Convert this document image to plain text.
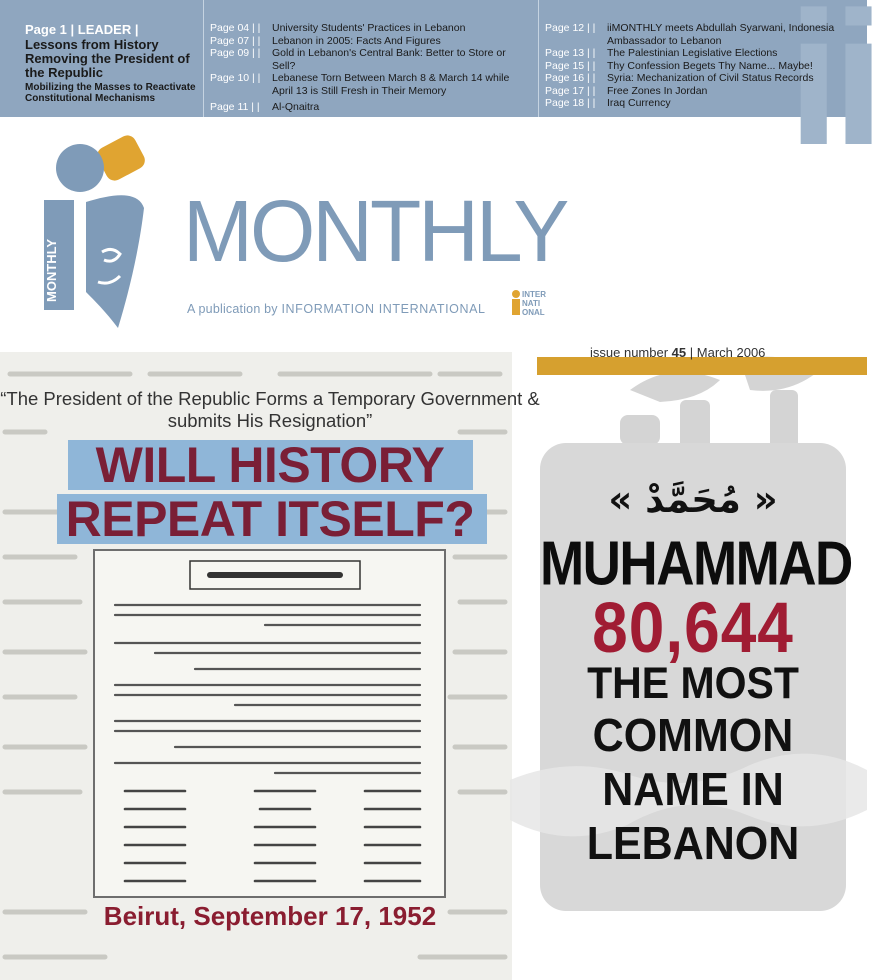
ii
Page 1 | LEADER |
Lessons from History Removing the President of the Republic
Mobilizing the Masses to Reactivate Constitutional Mechanisms
Page 04 | |	University Students' Practices in Lebanon
Page 07 | |	Lebanon in 2005: Facts And Figures
Page 09 | |	Gold in Lebanon's Central Bank: Better to Store or Sell?
Page 10 | |	Lebanese Torn Between March 8 & March 14 while April 13 is Still Fresh in Their Memory
Page 11 | |	Al-Qnaitra
Page 12 | |	iiMONTHLY meets Abdullah Syarwani, Indonesia Ambassador to Lebanon
Page 13 | |	The Palestinian Legislative Elections
Page 15 | |	Thy Confession Begets Thy Name... Maybe!
Page 16 | |	Syria: Mechanization of Civil Status Records
Page 17 | |	Free Zones In Jordan
Page 18 | |	Iraq Currency
MONTHLY MONTHLY
A publication by INFORMATION INTERNATIONAL
INTER
NATI
ONAL
“The President of the Republic Forms a Temporary Government & submits His Resignation”
WILL HISTORY
REPEAT ITSELF?
Beirut, September 17, 1952
issue number 45 | March 2006
« مُحَمَّدْ »
MUHAMMAD
80,644
THE MOST
COMMON
NAME IN
LEBANON
